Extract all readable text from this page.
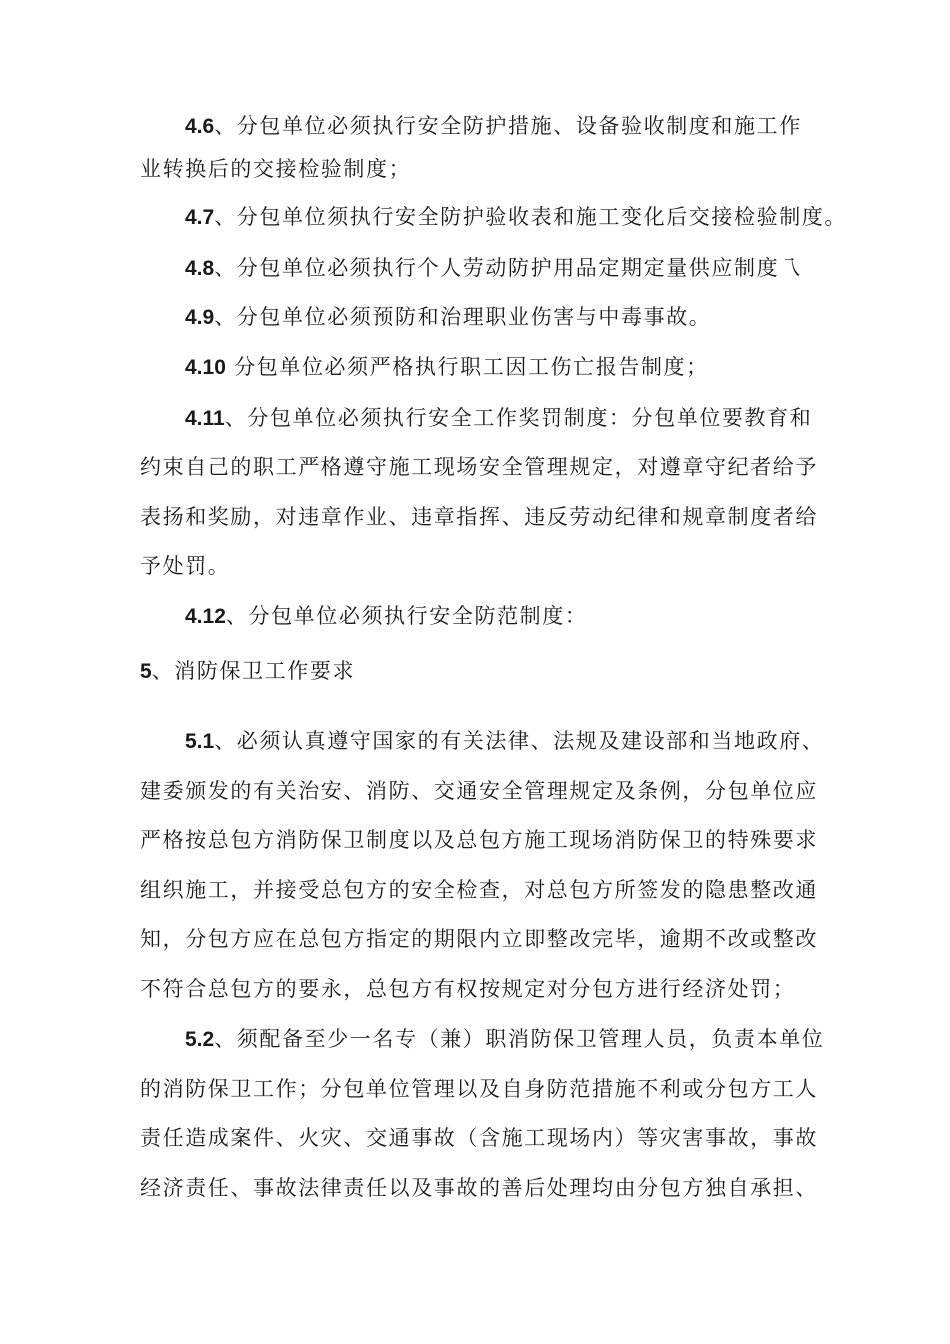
4.6、分包单位必须执行安全防护措施、设备验收制度和施工作
业转换后的交接检验制度；
4.7、分包单位须执行安全防护验收表和施工变化后交接检验制度。
4.8、分包单位必须执行个人劳动防护用品定期定量供应制度乁
4.9、分包单位必须预防和治理职业伤害与中毒事故。
4.10 分包单位必须严格执行职工因工伤亡报告制度；
4.11、分包单位必须执行安全工作奖罚制度：分包单位要教育和
约束自己的职工严格遵守施工现场安全管理规定，对遵章守纪者给予
表扬和奖励，对违章作业、违章指挥、违反劳动纪律和规章制度者给
予处罚。
4.12、分包单位必须执行安全防范制度：
5、消防保卫工作要求
5.1、必须认真遵守国家的有关法律、法规及建设部和当地政府、
建委颁发的有关治安、消防、交通安全管理规定及条例，分包单位应
严格按总包方消防保卫制度以及总包方施工现场消防保卫的特殊要求
组织施工，并接受总包方的安全检查，对总包方所签发的隐患整改通
知，分包方应在总包方指定的期限内立即整改完毕，逾期不改或整改
不符合总包方的要永，总包方有权按规定对分包方进行经济处罚；
5.2、须配备至少一名专（兼）职消防保卫管理人员，负责本单位
的消防保卫工作；分包单位管理以及自身防范措施不利或分包方工人
责任造成案件、火灾、交通事故（含施工现场内）等灾害事故，事故
经济责任、事故法律责任以及事故的善后处理均由分包方独自承担、
